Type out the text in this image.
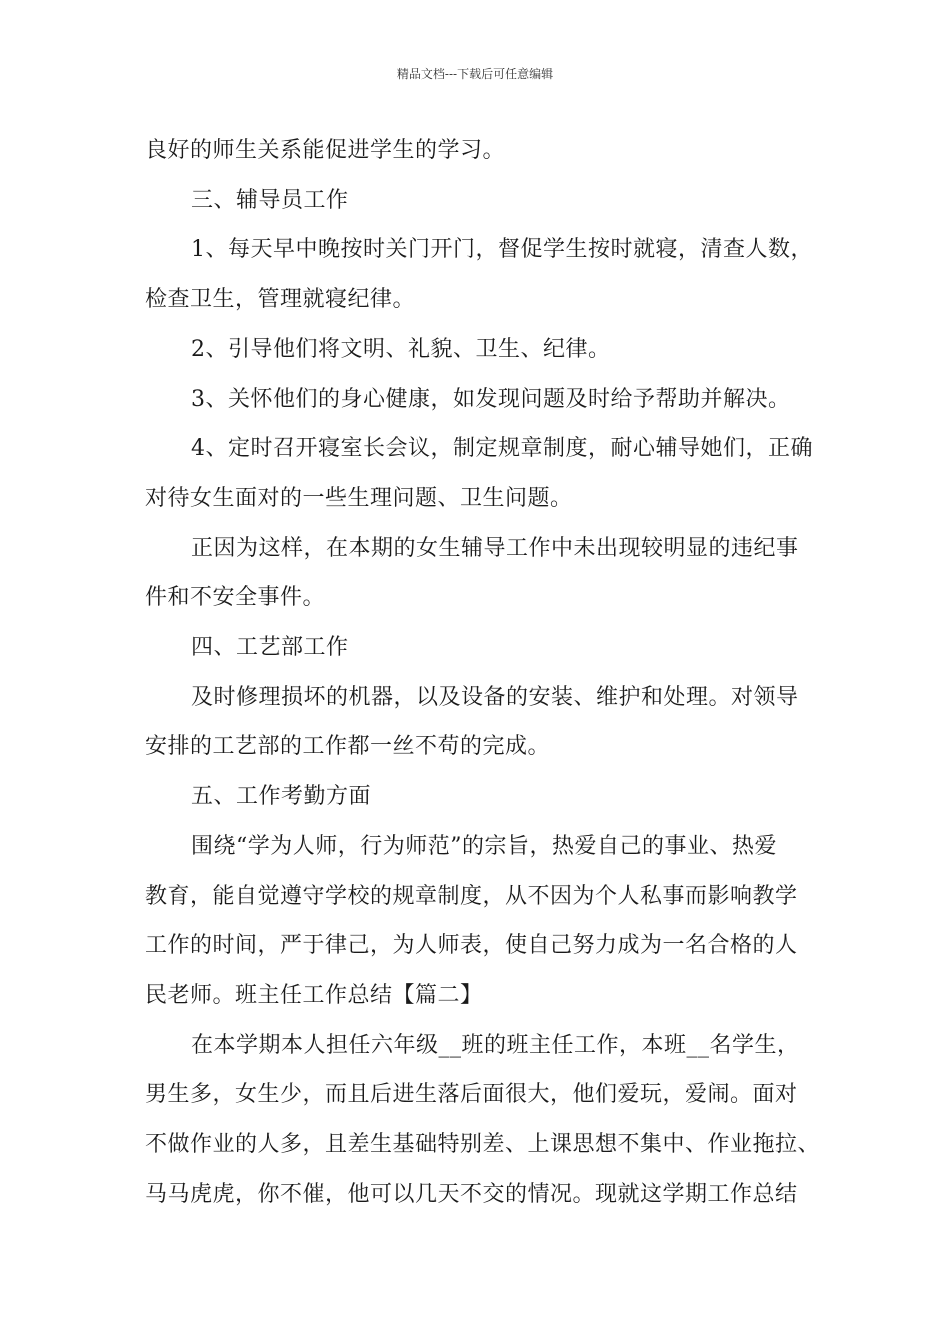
精品文档---下载后可任意编辑

良好的师生关系能促进学生的学习。

三、辅导员工作

1、每天早中晚按时关门开门，督促学生按时就寝，清查人数，

检查卫生，管理就寝纪律。

2、引导他们将文明、礼貌、卫生、纪律。

3、关怀他们的身心健康，如发现问题及时给予帮助并解决。

4、定时召开寝室长会议，制定规章制度，耐心辅导她们，正确

对待女生面对的一些生理问题、卫生问题。

正因为这样，在本期的女生辅导工作中未出现较明显的违纪事

件和不安全事件。

四、工艺部工作

及时修理损坏的机器，以及设备的安装、维护和处理。对领导

安排的工艺部的工作都一丝不苟的完成。

五、工作考勤方面

围绕“学为人师，行为师范”的宗旨，热爱自己的事业、热爱

教育，能自觉遵守学校的规章制度，从不因为个人私事而影响教学

工作的时间，严于律己，为人师表，使自己努力成为一名合格的人

民老师。班主任工作总结【篇二】

在本学期本人担任六年级__班的班主任工作，本班__名学生，

男生多，女生少，而且后进生落后面很大，他们爱玩，爱闹。面对

不做作业的人多，且差生基础特别差、上课思想不集中、作业拖拉、

马马虎虎，你不催，他可以几天不交的情况。现就这学期工作总结
